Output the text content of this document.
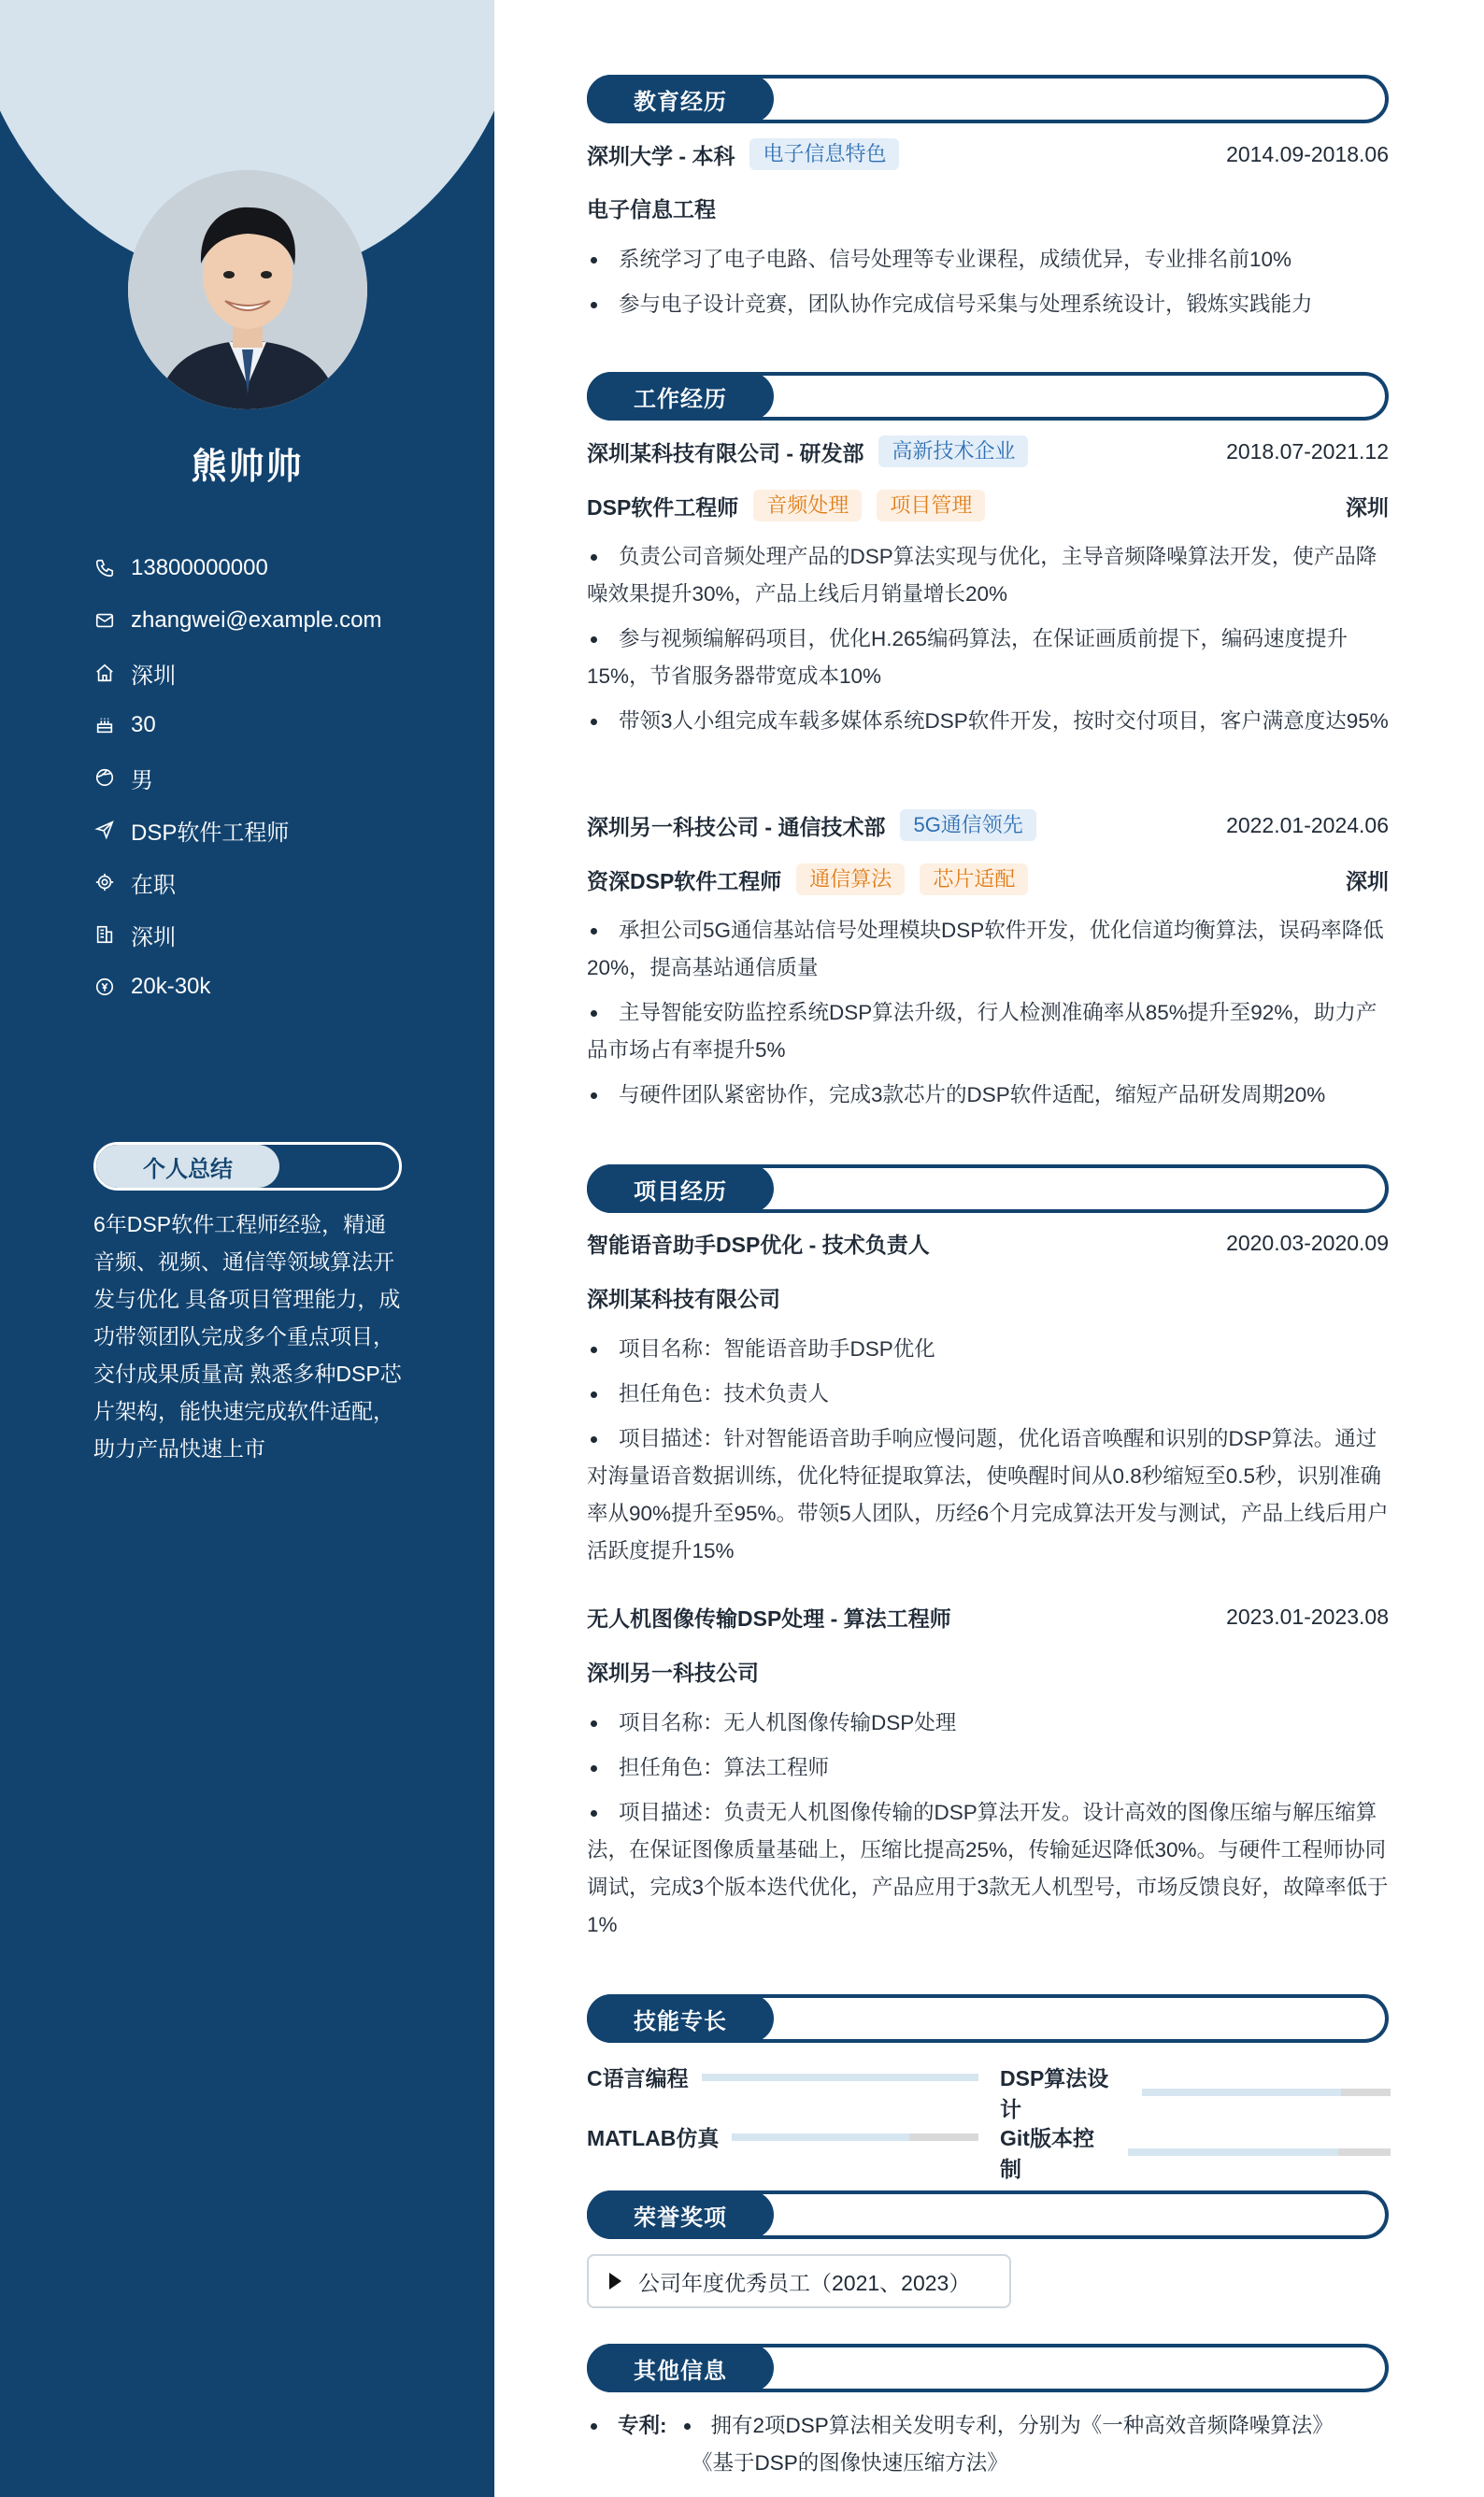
熊帅帅
13800000000
zhangwei@example.com
深圳
30
男
DSP软件工程师
在职
深圳
20k-30k
个人总结
6年DSP软件工程师经验，精通音频、视频、通信等领域算法开发与优化 具备项目管理能力，成功带领团队完成多个重点项目，交付成果质量高 熟悉多种DSP芯片架构，能快速完成软件适配，助力产品快速上市
教育经历
深圳大学 - 本科	电子信息特色	2014.09-2018.06
电子信息工程
系统学习了电子电路、信号处理等专业课程，成绩优异，专业排名前10%
参与电子设计竞赛，团队协作完成信号采集与处理系统设计，锻炼实践能力
工作经历
深圳某科技有限公司 - 研发部	高新技术企业	2018.07-2021.12
DSP软件工程师	音频处理	项目管理	深圳
负责公司音频处理产品的DSP算法实现与优化，主导音频降噪算法开发，使产品降噪效果提升30%，产品上线后月销量增长20%
参与视频编解码项目，优化H.265编码算法，在保证画质前提下，编码速度提升15%，节省服务器带宽成本10%
带领3人小组完成车载多媒体系统DSP软件开发，按时交付项目，客户满意度达95%
深圳另一科技公司 - 通信技术部	5G通信领先	2022.01-2024.06
资深DSP软件工程师	通信算法	芯片适配	深圳
承担公司5G通信基站信号处理模块DSP软件开发，优化信道均衡算法，误码率降低20%，提高基站通信质量
主导智能安防监控系统DSP算法升级，行人检测准确率从85%提升至92%，助力产品市场占有率提升5%
与硬件团队紧密协作，完成3款芯片的DSP软件适配，缩短产品研发周期20%
项目经历
智能语音助手DSP优化 - 技术负责人	2020.03-2020.09
深圳某科技有限公司
项目名称：智能语音助手DSP优化
担任角色：技术负责人
项目描述：针对智能语音助手响应慢问题，优化语音唤醒和识别的DSP算法。通过对海量语音数据训练，优化特征提取算法，使唤醒时间从0.8秒缩短至0.5秒，识别准确率从90%提升至95%。带领5人团队，历经6个月完成算法开发与测试，产品上线后用户活跃度提升15%
无人机图像传输DSP处理 - 算法工程师	2023.01-2023.08
深圳另一科技公司
项目名称：无人机图像传输DSP处理
担任角色：算法工程师
项目描述：负责无人机图像传输的DSP算法开发。设计高效的图像压缩与解压缩算法，在保证图像质量基础上，压缩比提高25%，传输延迟降低30%。与硬件工程师协同调试，完成3个版本迭代优化，产品应用于3款无人机型号，市场反馈良好，故障率低于1%
技能专长
C语言编程	DSP算法设计
MATLAB仿真	Git版本控制
荣誉奖项
公司年度优秀员工（2021、2023）
其他信息
专利: 拥有2项DSP算法相关发明专利，分别为《一种高效音频降噪算法》
《基于DSP的图像快速压缩方法》
